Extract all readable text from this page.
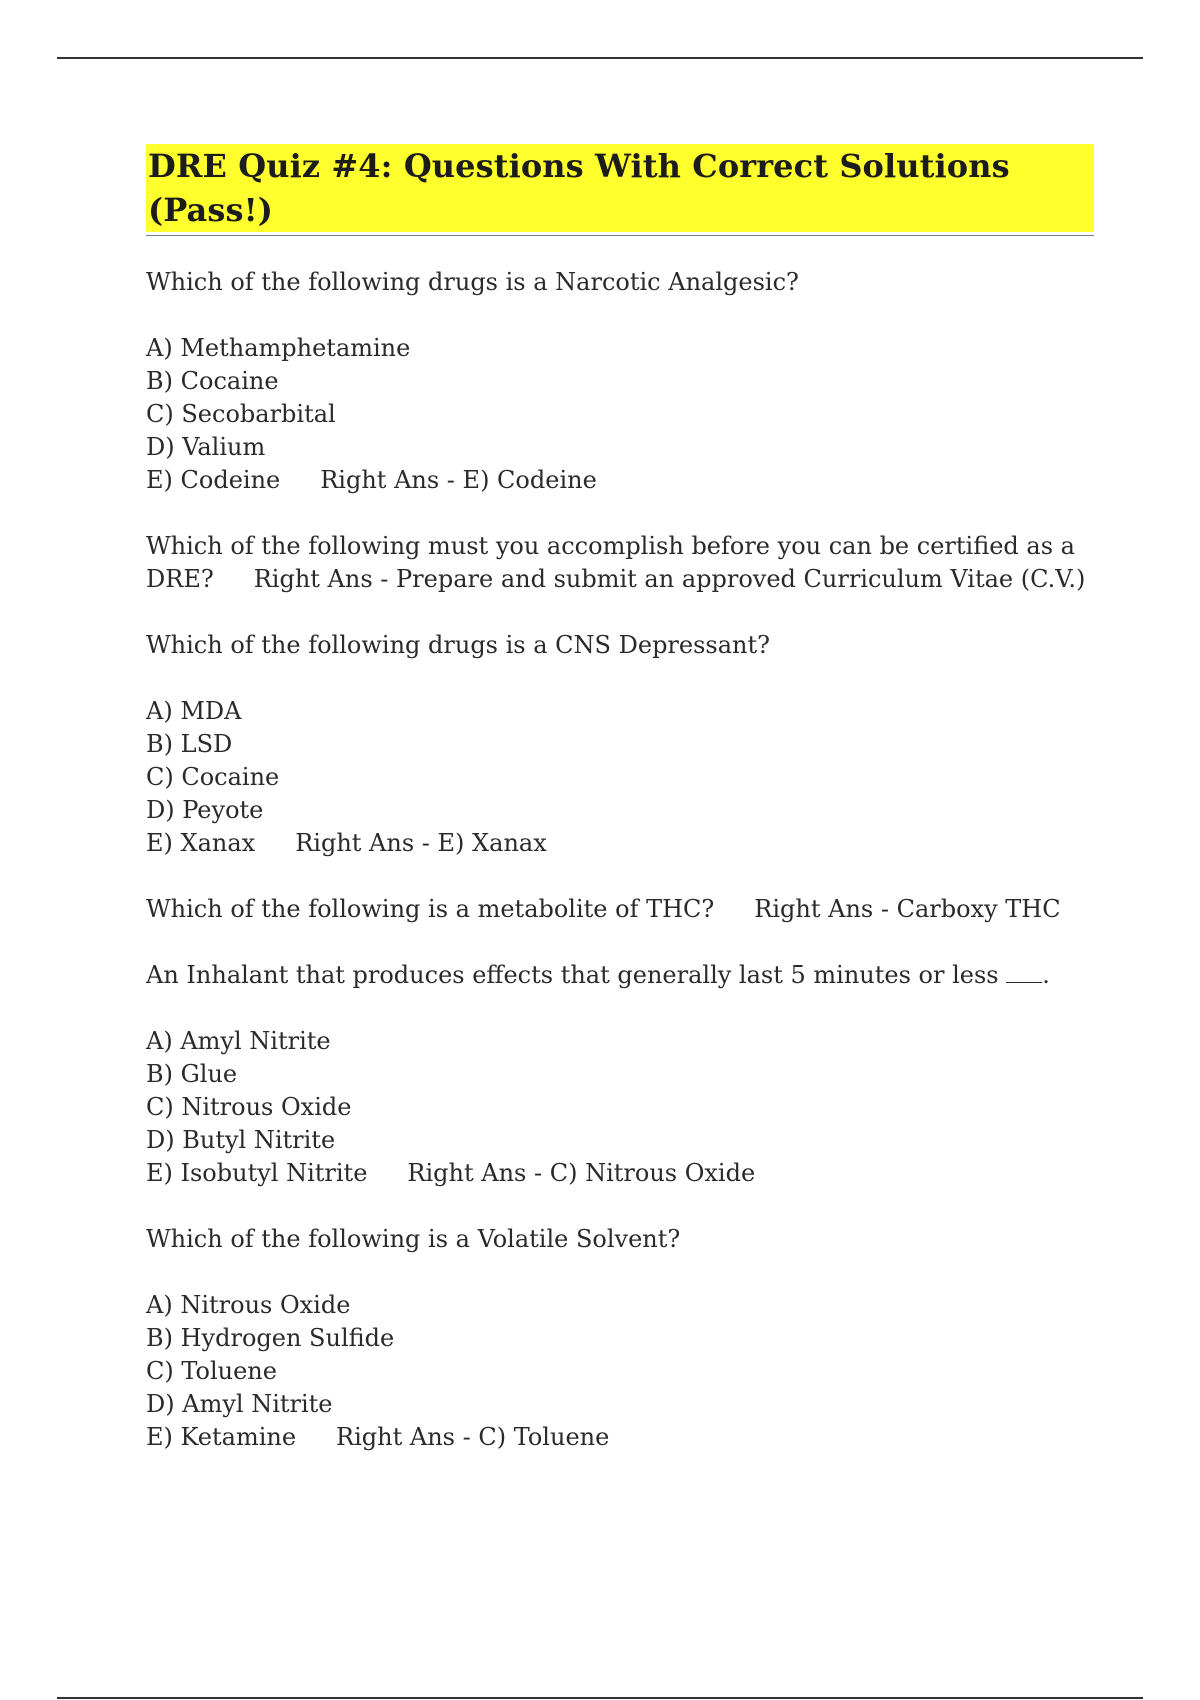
DRE Quiz #4: Questions With Correct Solutions (Pass!)

Which of the following drugs is a Narcotic Analgesic?

A) Methamphetamine
B) Cocaine
C) Secobarbital
D) Valium
E) Codeine Right Ans - E) Codeine

Which of the following must you accomplish before you can be certified as a

DRE? Right Ans - Prepare and submit an approved Curriculum Vitae (C.V.)

Which of the following drugs is a CNS Depressant?

A) MDA
B) LSD
C) Cocaine
D) Peyote
E) Xanax Right Ans - E) Xanax

Which of the following is a metabolite of THC? Right Ans - Carboxy THC

An Inhalant that produces effects that generally last 5 minutes or less .

A) Amyl Nitrite
B) Glue
C) Nitrous Oxide
D) Butyl Nitrite
E) Isobutyl Nitrite Right Ans - C) Nitrous Oxide

Which of the following is a Volatile Solvent?

A) Nitrous Oxide
B) Hydrogen Sulfide
C) Toluene
D) Amyl Nitrite
E) Ketamine Right Ans - C) Toluene
